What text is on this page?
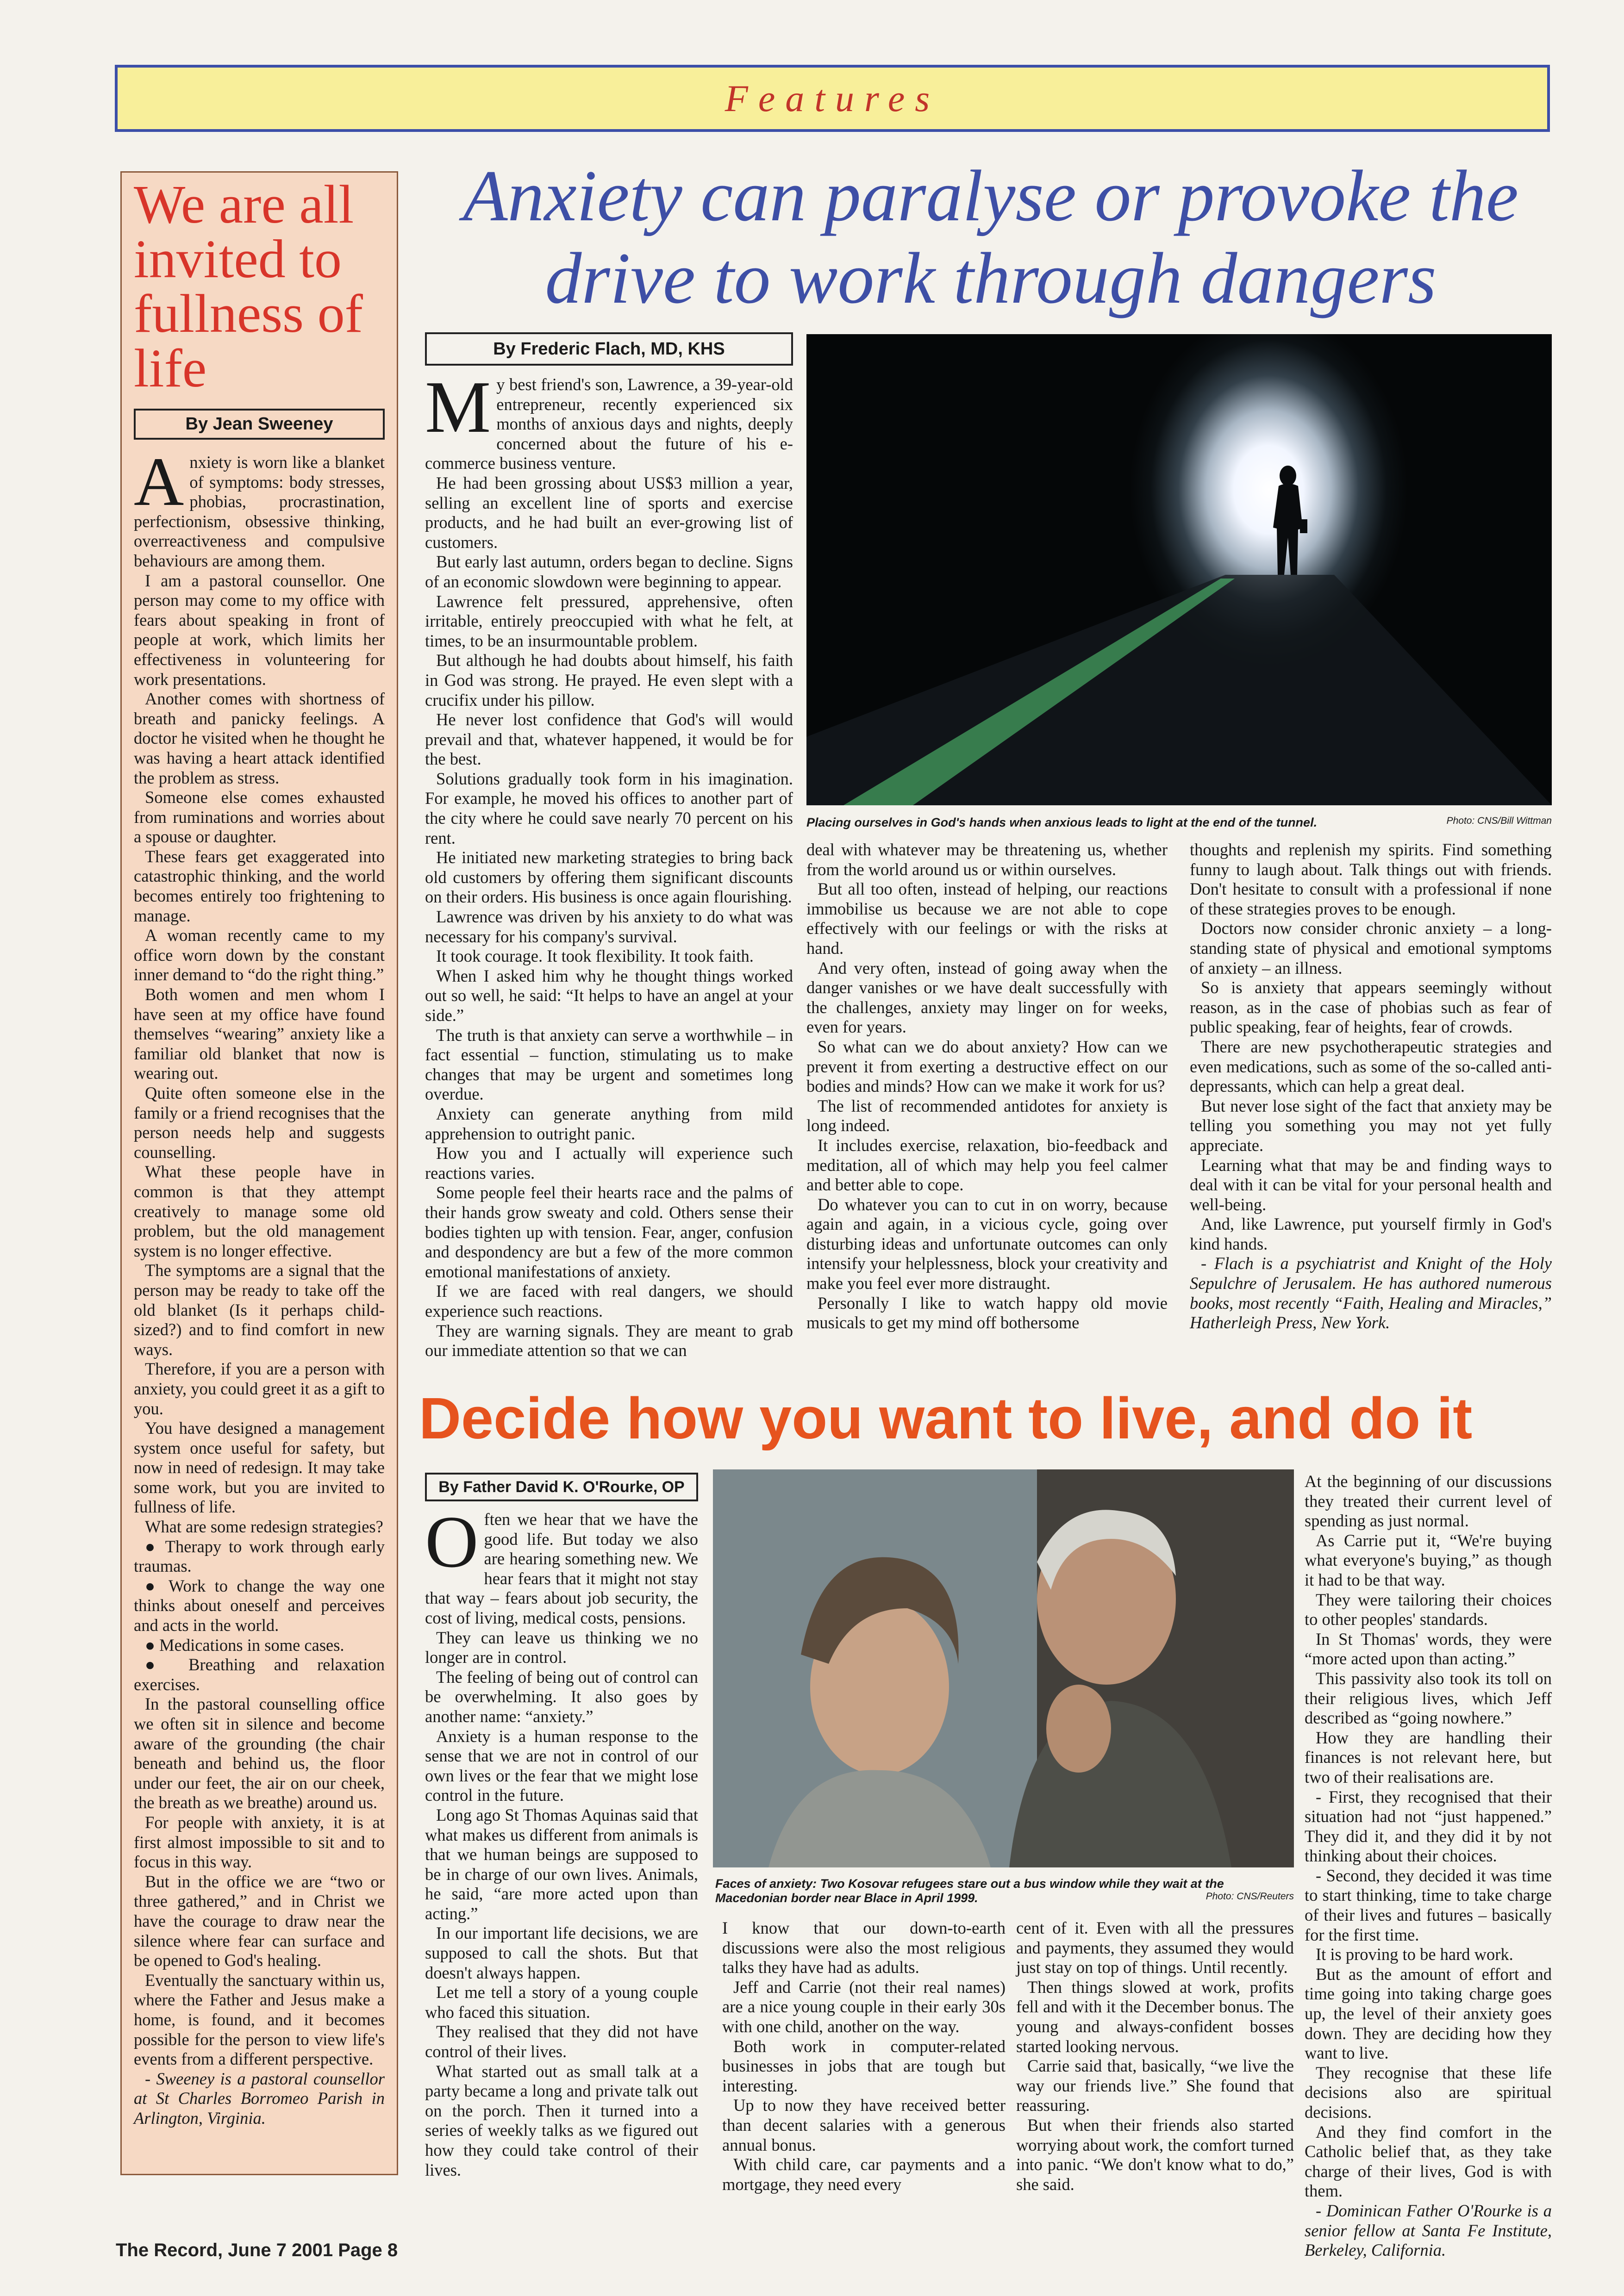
Features
We are all invited to fullness of life
By Jean Sweeney
A nxiety is worn like a blanket of symptoms: body stresses, phobias, procrastination, perfectionism, obsessive thinking, overreactiveness and compulsive behaviours are among them.

I am a pastoral counsellor. One person may come to my office with fears about speaking in front of people at work, which limits her effectiveness in volunteering for work presentations.

Another comes with shortness of breath and panicky feelings. A doctor he visited when he thought he was having a heart attack identified the problem as stress.

Someone else comes exhausted from ruminations and worries about a spouse or daughter.

These fears get exaggerated into catastrophic thinking, and the world becomes entirely too frightening to manage.

A woman recently came to my office worn down by the constant inner demand to “do the right thing.”

Both women and men whom I have seen at my office have found themselves “wearing” anxiety like a familiar old blanket that now is wearing out.

Quite often someone else in the family or a friend recognises that the person needs help and suggests counselling.

What these people have in common is that they attempt creatively to manage some old problem, but the old management system is no longer effective.

The symptoms are a signal that the person may be ready to take off the old blanket (Is it perhaps child-sized?) and to find comfort in new ways.

Therefore, if you are a person with anxiety, you could greet it as a gift to you.

You have designed a management system once useful for safety, but now in need of redesign. It may take some work, but you are invited to fullness of life.

What are some redesign strategies?

● Therapy to work through early traumas.

● Work to change the way one thinks about oneself and perceives and acts in the world.

● Medications in some cases.

● Breathing and relaxation exercises.

In the pastoral counselling office we often sit in silence and become aware of the grounding (the chair beneath and behind us, the floor under our feet, the air on our cheek, the breath as we breathe) around us.

For people with anxiety, it is at first almost impossible to sit and to focus in this way.

But in the office we are “two or three gathered,” and in Christ we have the courage to draw near the silence where fear can surface and be opened to God's healing.

Eventually the sanctuary within us, where the Father and Jesus make a home, is found, and it becomes possible for the person to view life's events from a different perspective.

- Sweeney is a pastoral counsellor at St Charles Borromeo Parish in Arlington, Virginia.

Anxiety can paralyse or provoke the drive to work through dangers
By Frederic Flach, MD, KHS
M y best friend's son, Lawrence, a 39-year-old entrepreneur, recently experienced six months of anxious days and nights, deeply concerned about the future of his e-commerce business venture.

He had been grossing about US$3 million a year, selling an excellent line of sports and exercise products, and he had built an ever-growing list of customers.

But early last autumn, orders began to decline. Signs of an economic slowdown were beginning to appear.

Lawrence felt pressured, apprehensive, often irritable, entirely preoccupied with what he felt, at times, to be an insurmountable problem.

But although he had doubts about himself, his faith in God was strong. He prayed. He even slept with a crucifix under his pillow.

He never lost confidence that God's will would prevail and that, whatever happened, it would be for the best.

Solutions gradually took form in his imagination. For example, he moved his offices to another part of the city where he could save nearly 70 percent on his rent.

He initiated new marketing strategies to bring back old customers by offering them significant discounts on their orders. His business is once again flourishing.

Lawrence was driven by his anxiety to do what was necessary for his company's survival.

It took courage. It took flexibility. It took faith.

When I asked him why he thought things worked out so well, he said: “It helps to have an angel at your side.”

The truth is that anxiety can serve a worthwhile – in fact essential – function, stimulating us to make changes that may be urgent and sometimes long overdue.

Anxiety can generate anything from mild apprehension to outright panic.

How you and I actually will experience such reactions varies.

Some people feel their hearts race and the palms of their hands grow sweaty and cold. Others sense their bodies tighten up with tension. Fear, anger, confusion and despondency are but a few of the more common emotional manifestations of anxiety.

If we are faced with real dangers, we should experience such reactions.

They are warning signals. They are meant to grab our immediate attention so that we can

Placing ourselves in God's hands when anxious leads to light at the end of the tunnel.	Photo: CNS/Bill Wittman

deal with whatever may be threatening us, whether from the world around us or within ourselves.

But all too often, instead of helping, our reactions immobilise us because we are not able to cope effectively with our feelings or with the risks at hand.

And very often, instead of going away when the danger vanishes or we have dealt successfully with the challenges, anxiety may linger on for weeks, even for years.

So what can we do about anxiety? How can we prevent it from exerting a destructive effect on our bodies and minds? How can we make it work for us?

The list of recommended antidotes for anxiety is long indeed.

It includes exercise, relaxation, bio-feedback and meditation, all of which may help you feel calmer and better able to cope.

Do whatever you can to cut in on worry, because again and again, in a vicious cycle, going over disturbing ideas and unfortunate outcomes can only intensify your helplessness, block your creativity and make you feel ever more distraught.

Personally I like to watch happy old movie musicals to get my mind off bothersome

thoughts and replenish my spirits. Find something funny to laugh about. Talk things out with friends. Don't hesitate to consult with a professional if none of these strategies proves to be enough.

Doctors now consider chronic anxiety – a long-standing state of physical and emotional symptoms of anxiety – an illness.

So is anxiety that appears seemingly without reason, as in the case of phobias such as fear of public speaking, fear of heights, fear of crowds.

There are new psychotherapeutic strategies and even medications, such as some of the so-called anti-depressants, which can help a great deal.

But never lose sight of the fact that anxiety may be telling you something you may not yet fully appreciate.

Learning what that may be and finding ways to deal with it can be vital for your personal health and well-being.

And, like Lawrence, put yourself firmly in God's kind hands.

- Flach is a psychiatrist and Knight of the Holy Sepulchre of Jerusalem. He has authored numerous books, most recently “Faith, Healing and Miracles,” Hatherleigh Press, New York.

Decide how you want to live, and do it
By Father David K. O'Rourke, OP
O ften we hear that we have the good life. But today we also are hearing something new. We hear fears that it might not stay that way – fears about job security, the cost of living, medical costs, pensions.

They can leave us thinking we no longer are in control.

The feeling of being out of control can be overwhelming. It also goes by another name: “anxiety.”

Anxiety is a human response to the sense that we are not in control of our own lives or the fear that we might lose control in the future.

Long ago St Thomas Aquinas said that what makes us different from animals is that we human beings are supposed to be in charge of our own lives. Animals, he said, “are more acted upon than acting.”

In our important life decisions, we are supposed to call the shots. But that doesn't always happen.

Let me tell a story of a young couple who faced this situation.

They realised that they did not have control of their lives.

What started out as small talk at a party became a long and private talk out on the porch. Then it turned into a series of weekly talks as we figured out how they could take control of their lives.

Faces of anxiety: Two Kosovar refugees stare out a bus window while they wait at the Macedonian border near Blace in April 1999.	Photo: CNS/Reuters

I know that our down-to-earth discussions were also the most religious talks they have had as adults.

Jeff and Carrie (not their real names) are a nice young couple in their early 30s with one child, another on the way.

Both work in computer-related businesses in jobs that are tough but interesting.

Up to now they have received better than decent salaries with a generous annual bonus.

With child care, car payments and a mortgage, they need every

cent of it. Even with all the pressures and payments, they assumed they would just stay on top of things. Until recently.

Then things slowed at work, profits fell and with it the December bonus. The young and always-confident bosses started looking nervous.

Carrie said that, basically, “we live the way our friends live.” She found that reassuring.

But when their friends also started worrying about work, the comfort turned into panic. “We don't know what to do,” she said.

At the beginning of our discussions they treated their current level of spending as just normal.

As Carrie put it, “We're buying what everyone's buying,” as though it had to be that way.

They were tailoring their choices to other peoples' standards.

In St Thomas' words, they were “more acted upon than acting.”

This passivity also took its toll on their religious lives, which Jeff described as “going nowhere.”

How they are handling their finances is not relevant here, but two of their realisations are.

- First, they recognised that their situation had not “just happened.” They did it, and they did it by not thinking about their choices.

- Second, they decided it was time to start thinking, time to take charge of their lives and futures – basically for the first time.

It is proving to be hard work.

But as the amount of effort and time going into taking charge goes up, the level of their anxiety goes down. They are deciding how they want to live.

They recognise that these life decisions also are spiritual decisions.

And they find comfort in the Catholic belief that, as they take charge of their lives, God is with them.

- Dominican Father O'Rourke is a senior fellow at Santa Fe Institute, Berkeley, California.

The Record, June 7 2001 Page 8
